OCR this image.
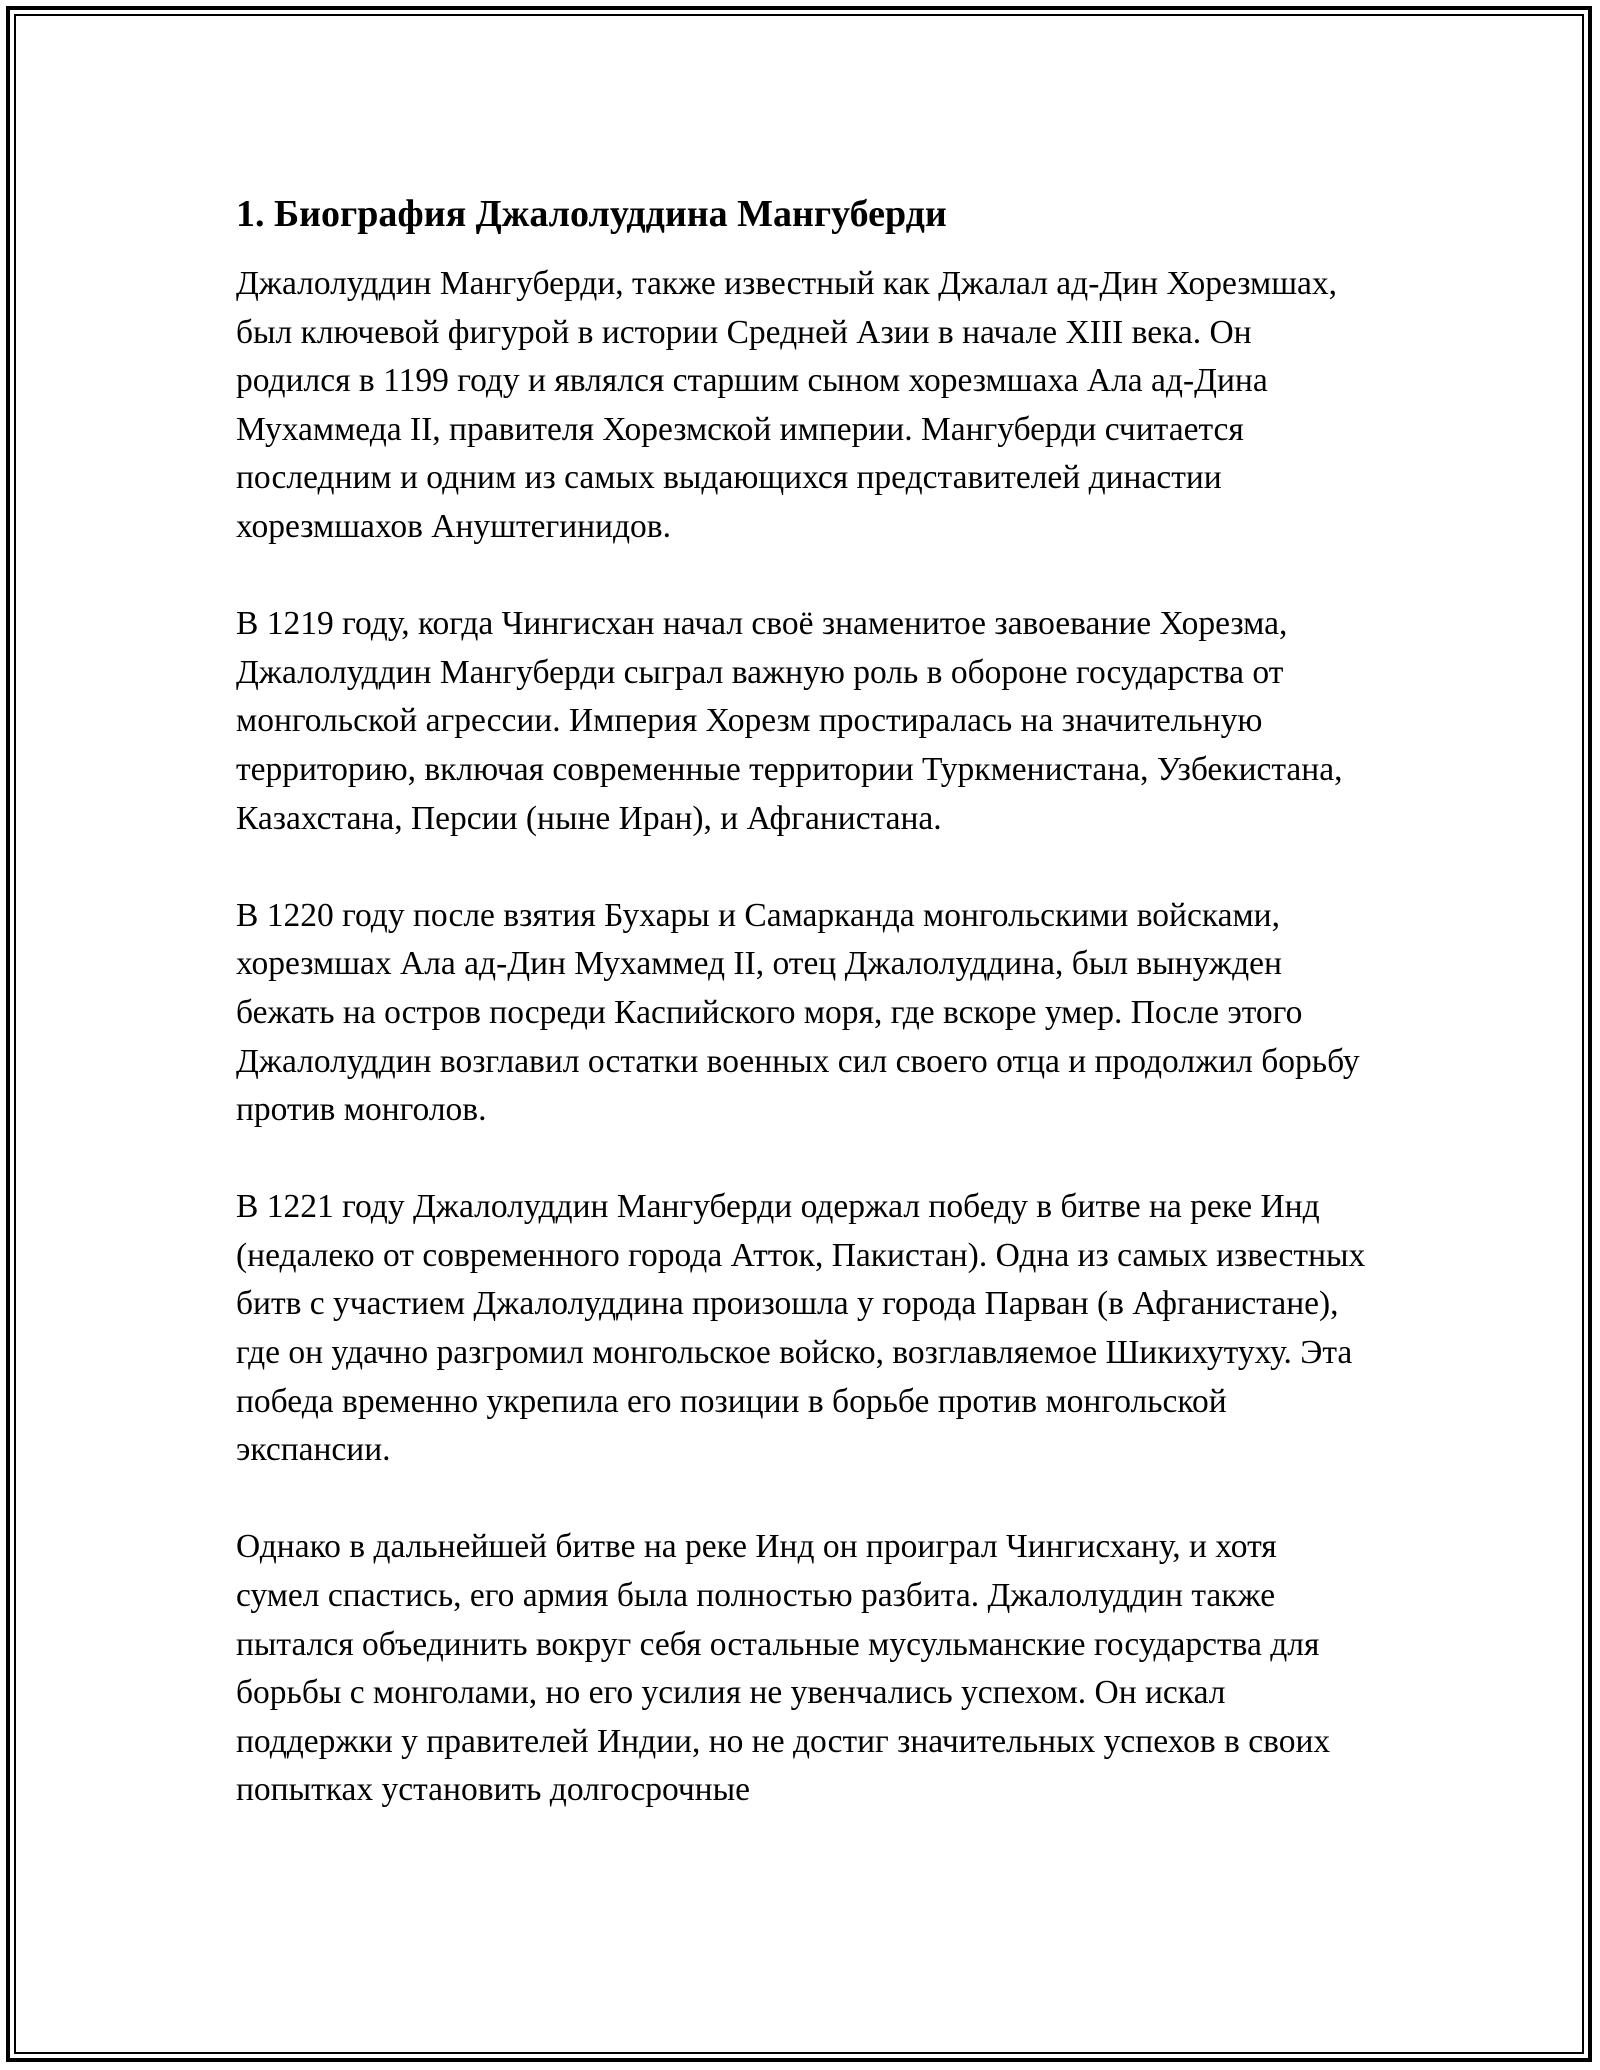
1. Биография Джалолуддина Мангуберди

Джалолуддин Мангуберди, также известный как Джалал ад-Дин Хорезмшах, был ключевой фигурой в истории Средней Азии в начале XIII века. Он родился в 1199 году и являлся старшим сыном хорезмшаха Ала ад-Дина Мухаммеда II, правителя Хорезмской империи. Мангуберди считается последним и одним из самых выдающихся представителей династии хорезмшахов Ануштегинидов.

В 1219 году, когда Чингисхан начал своё знаменитое завоевание Хорезма, Джалолуддин Мангуберди сыграл важную роль в обороне государства от монгольской агрессии. Империя Хорезм простиралась на значительную территорию, включая современные территории Туркменистана, Узбекистана, Казахстана, Персии (ныне Иран), и Афганистана.

В 1220 году после взятия Бухары и Самарканда монгольскими войсками, хорезмшах Ала ад-Дин Мухаммед II, отец Джалолуддина, был вынужден бежать на остров посреди Каспийского моря, где вскоре умер. После этого Джалолуддин возглавил остатки военных сил своего отца и продолжил борьбу против монголов.

В 1221 году Джалолуддин Мангуберди одержал победу в битве на реке Инд (недалеко от современного города Атток, Пакистан). Одна из самых известных битв с участием Джалолуддина произошла у города Парван (в Афганистане), где он удачно разгромил монгольское войско, возглавляемое Шикихутуху. Эта победа временно укрепила его позиции в борьбе против монгольской экспансии.

Однако в дальнейшей битве на реке Инд он проиграл Чингисхану, и хотя сумел спастись, его армия была полностью разбита. Джалолуддин также пытался объединить вокруг себя остальные мусульманские государства для борьбы с монголами, но его усилия не увенчались успехом. Он искал поддержки у правителей Индии, но не достиг значительных успехов в своих попытках установить долгосрочные
